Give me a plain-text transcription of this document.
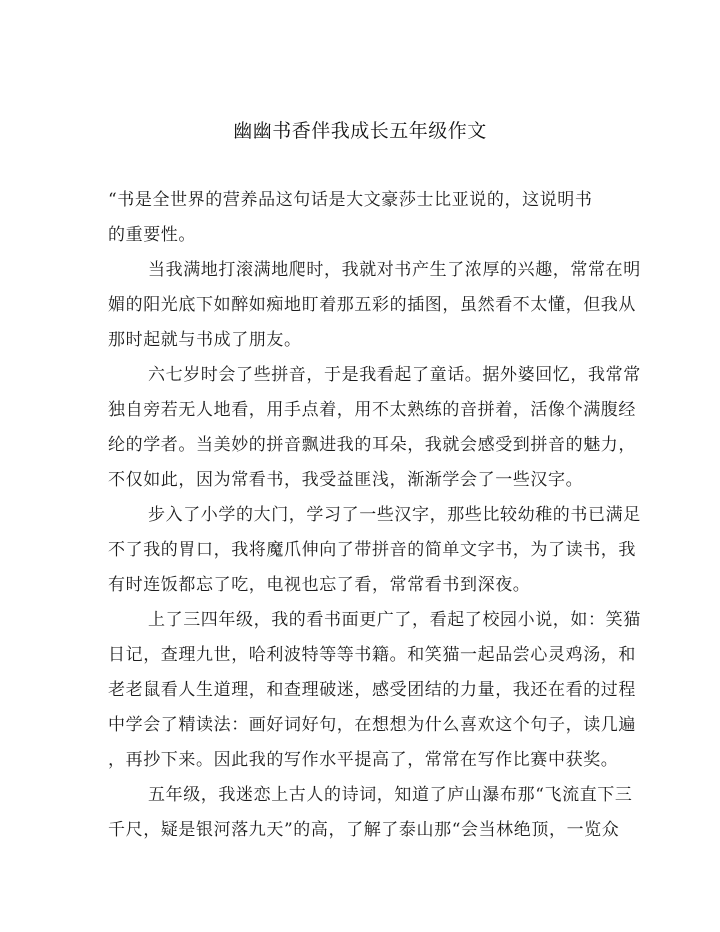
幽幽书香伴我成长五年级作文
“书是全世界的营养品这句话是大文豪莎士比亚说的，这说明书
的重要性。
当我满地打滚满地爬时，我就对书产生了浓厚的兴趣，常常在明
媚的阳光底下如醉如痴地盯着那五彩的插图，虽然看不太懂，但我从
那时起就与书成了朋友。
六七岁时会了些拼音，于是我看起了童话。据外婆回忆，我常常
独自旁若无人地看，用手点着，用不太熟练的音拼着，活像个满腹经
纶的学者。当美妙的拼音飘进我的耳朵，我就会感受到拼音的魅力，
不仅如此，因为常看书，我受益匪浅，渐渐学会了一些汉字。
步入了小学的大门，学习了一些汉字，那些比较幼稚的书已满足
不了我的胃口，我将魔爪伸向了带拼音的简单文字书，为了读书，我
有时连饭都忘了吃，电视也忘了看，常常看书到深夜。
上了三四年级，我的看书面更广了，看起了校园小说，如：笑猫
日记，查理九世，哈利波特等等书籍。和笑猫一起品尝心灵鸡汤，和
老老鼠看人生道理，和查理破迷，感受团结的力量，我还在看的过程
中学会了精读法：画好词好句，在想想为什么喜欢这个句子，读几遍
，再抄下来。因此我的写作水平提高了，常常在写作比赛中获奖。
五年级，我迷恋上古人的诗词，知道了庐山瀑布那“飞流直下三
千尺，疑是银河落九天”的高，了解了泰山那“会当林绝顶，一览众
